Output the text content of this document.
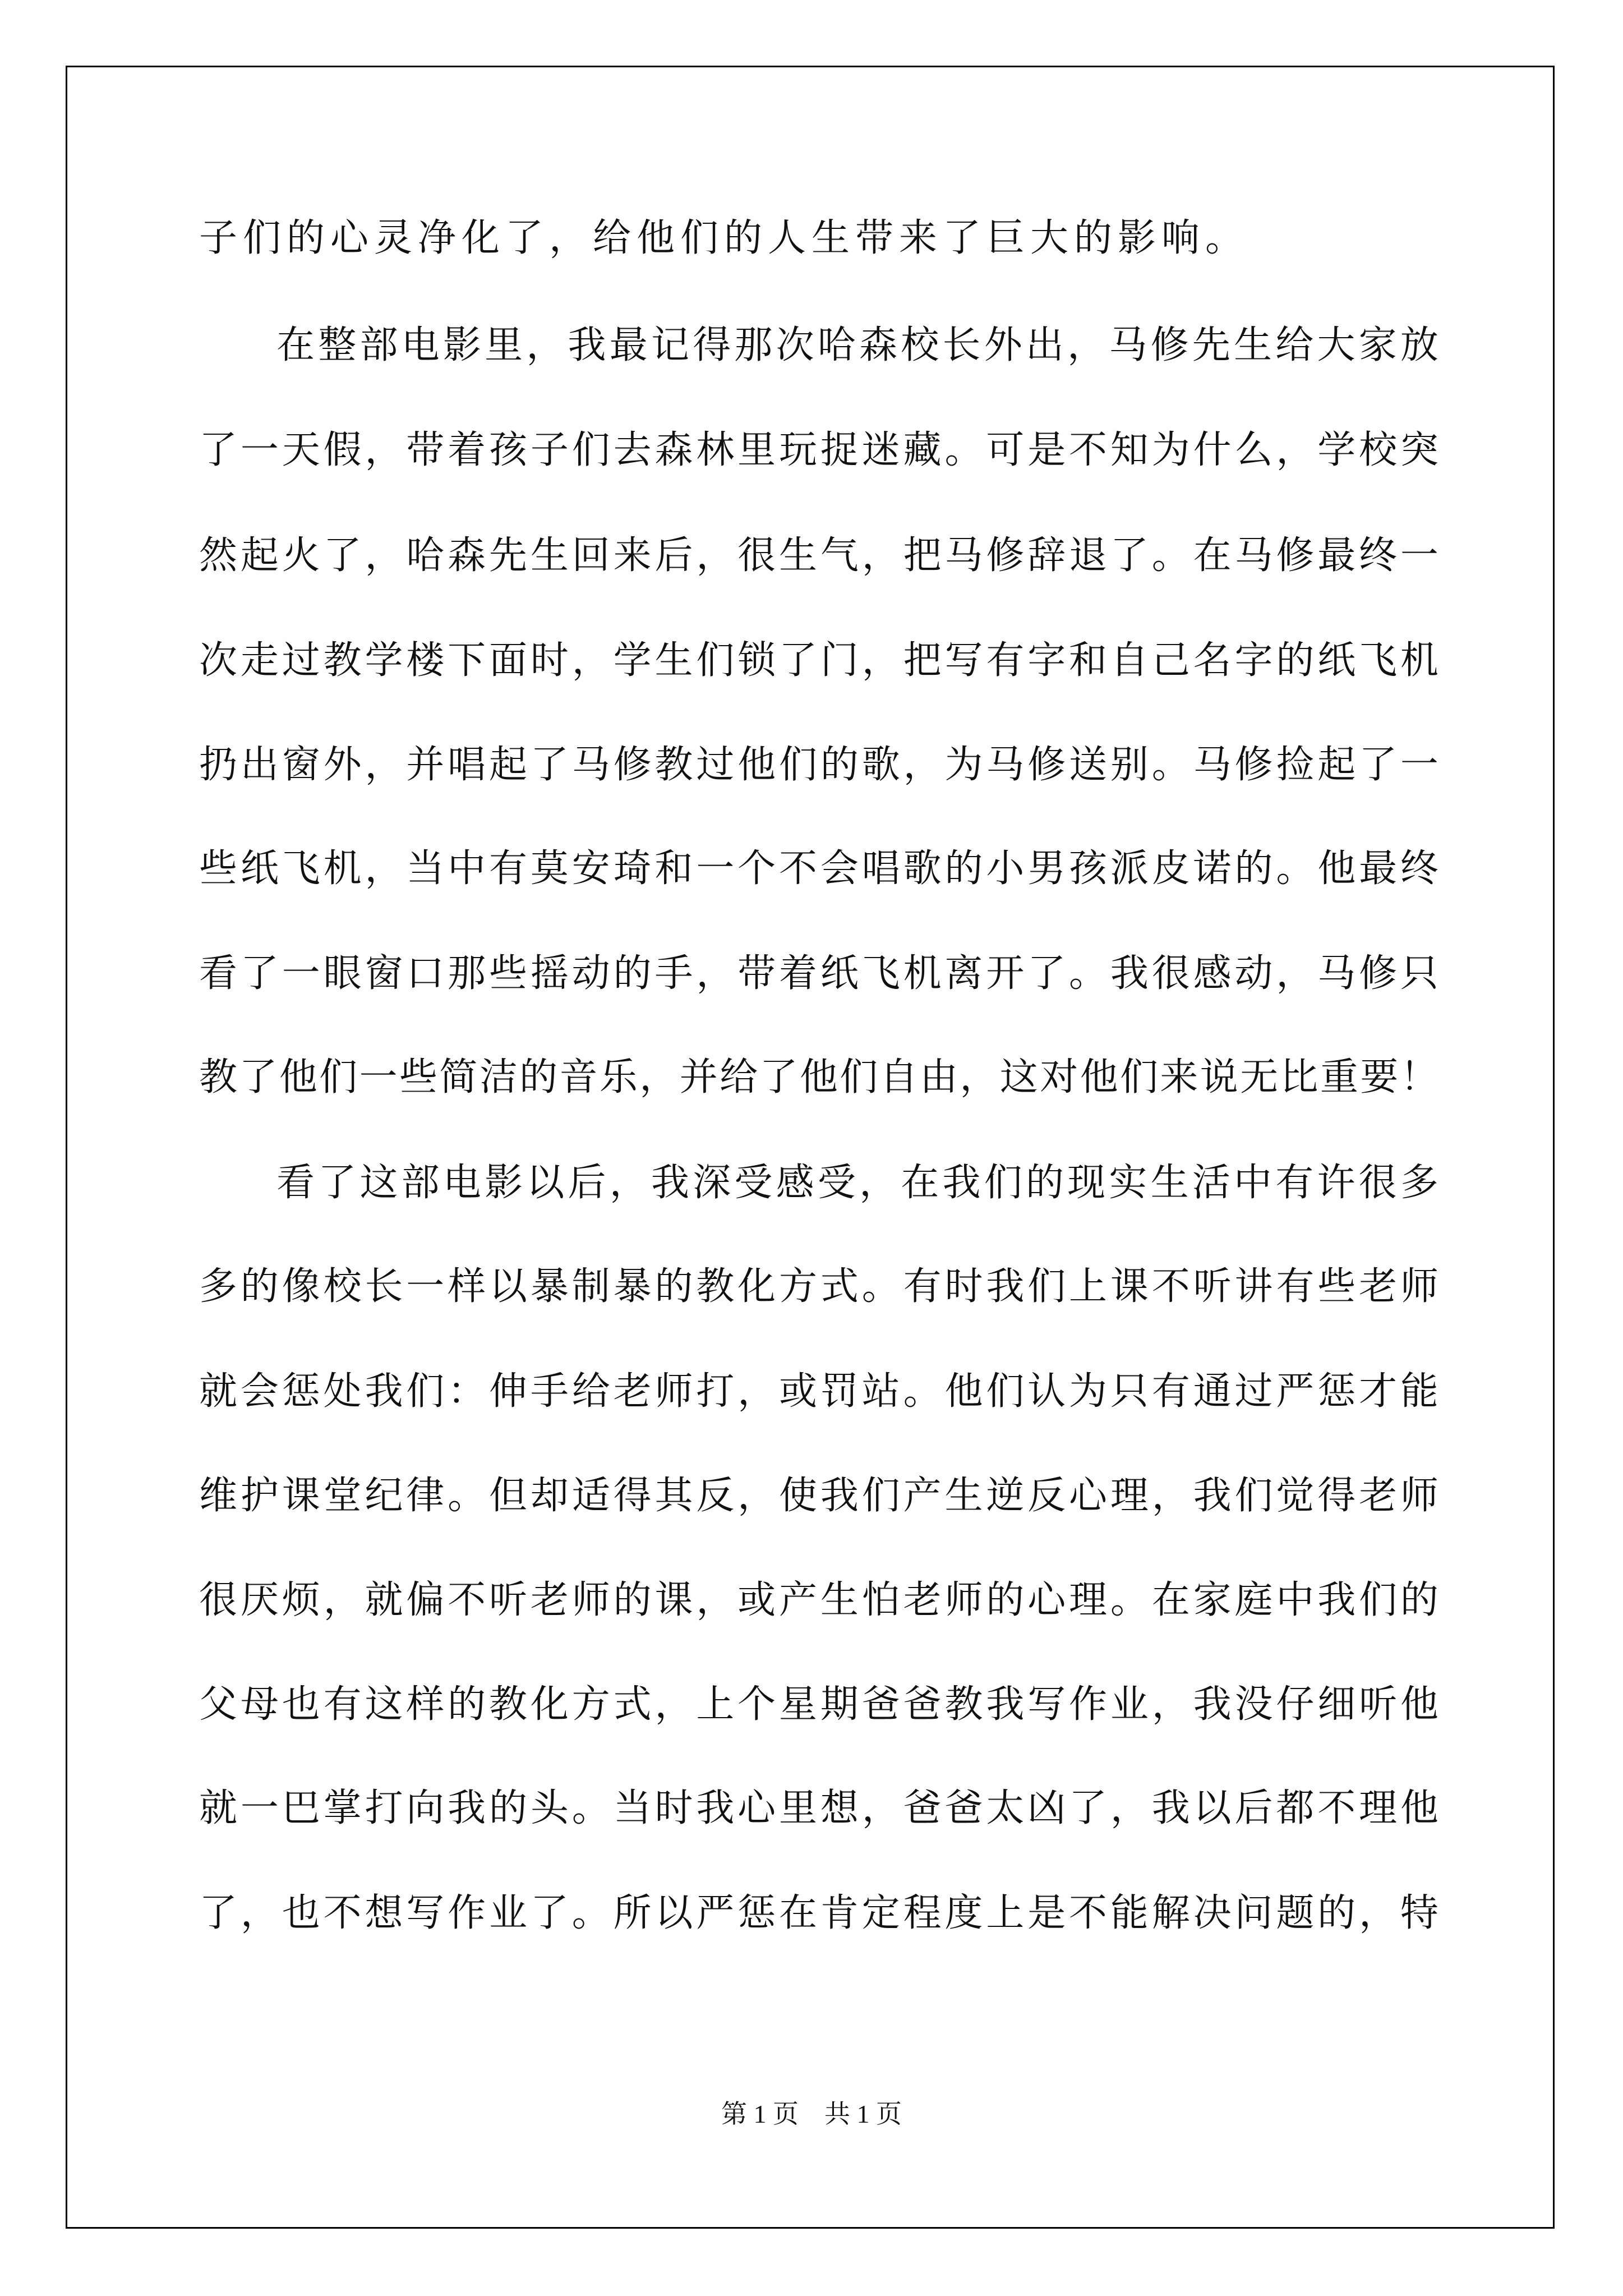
子们的心灵净化了，给他们的人生带来了巨大的影响。
在 整 部 电 影 里 ， 我 最 记 得 那 次 哈 森 校 长 外 出 ， 马 修 先 生 给 大 家 放
了 一 天 假 ， 带 着 孩 子 们 去 森 林 里 玩 捉 迷 藏 。 可 是 不 知 为 什 么 ， 学 校 突
然 起 火 了 ， 哈 森 先 生 回 来 后 ， 很 生 气 ， 把 马 修 辞 退 了 。 在 马 修 最 终 一
次 走 过 教 学 楼 下 面 时 ， 学 生 们 锁 了 门 ， 把 写 有 字 和 自 己 名 字 的 纸 飞 机
扔 出 窗 外 ， 并 唱 起 了 马 修 教 过 他 们 的 歌 ， 为 马 修 送 别 。 马 修 捡 起 了 一
些 纸 飞 机 ， 当 中 有 莫 安 琦 和 一 个 不 会 唱 歌 的 小 男 孩 派 皮 诺 的 。 他 最 终
看 了 一 眼 窗 口 那 些 摇 动 的 手 ， 带 着 纸 飞 机 离 开 了 。 我 很 感 动 ， 马 修 只
教 了 他 们 一 些 简 洁 的 音 乐 ， 并 给 了 他 们 自 由 ， 这 对 他 们 来 说 无 比 重 要 ！
看 了 这 部 电 影 以 后 ， 我 深 受 感 受 ， 在 我 们 的 现 实 生 活 中 有 许 很 多
多 的 像 校 长 一 样 以 暴 制 暴 的 教 化 方 式 。 有 时 我 们 上 课 不 听 讲 有 些 老 师
就 会 惩 处 我 们 ： 伸 手 给 老 师 打 ， 或 罚 站 。 他 们 认 为 只 有 通 过 严 惩 才 能
维 护 课 堂 纪 律 。 但 却 适 得 其 反 ， 使 我 们 产 生 逆 反 心 理 ， 我 们 觉 得 老 师
很 厌 烦 ， 就 偏 不 听 老 师 的 课 ， 或 产 生 怕 老 师 的 心 理 。 在 家 庭 中 我 们 的
父 母 也 有 这 样 的 教 化 方 式 ， 上 个 星 期 爸 爸 教 我 写 作 业 ， 我 没 仔 细 听 他
就 一 巴 掌 打 向 我 的 头 。 当 时 我 心 里 想 ， 爸 爸 太 凶 了 ， 我 以 后 都 不 理 他
了 ， 也 不 想 写 作 业 了 。 所 以 严 惩 在 肯 定 程 度 上 是 不 能 解 决 问 题 的 ， 特
第 1 页　共 1 页
